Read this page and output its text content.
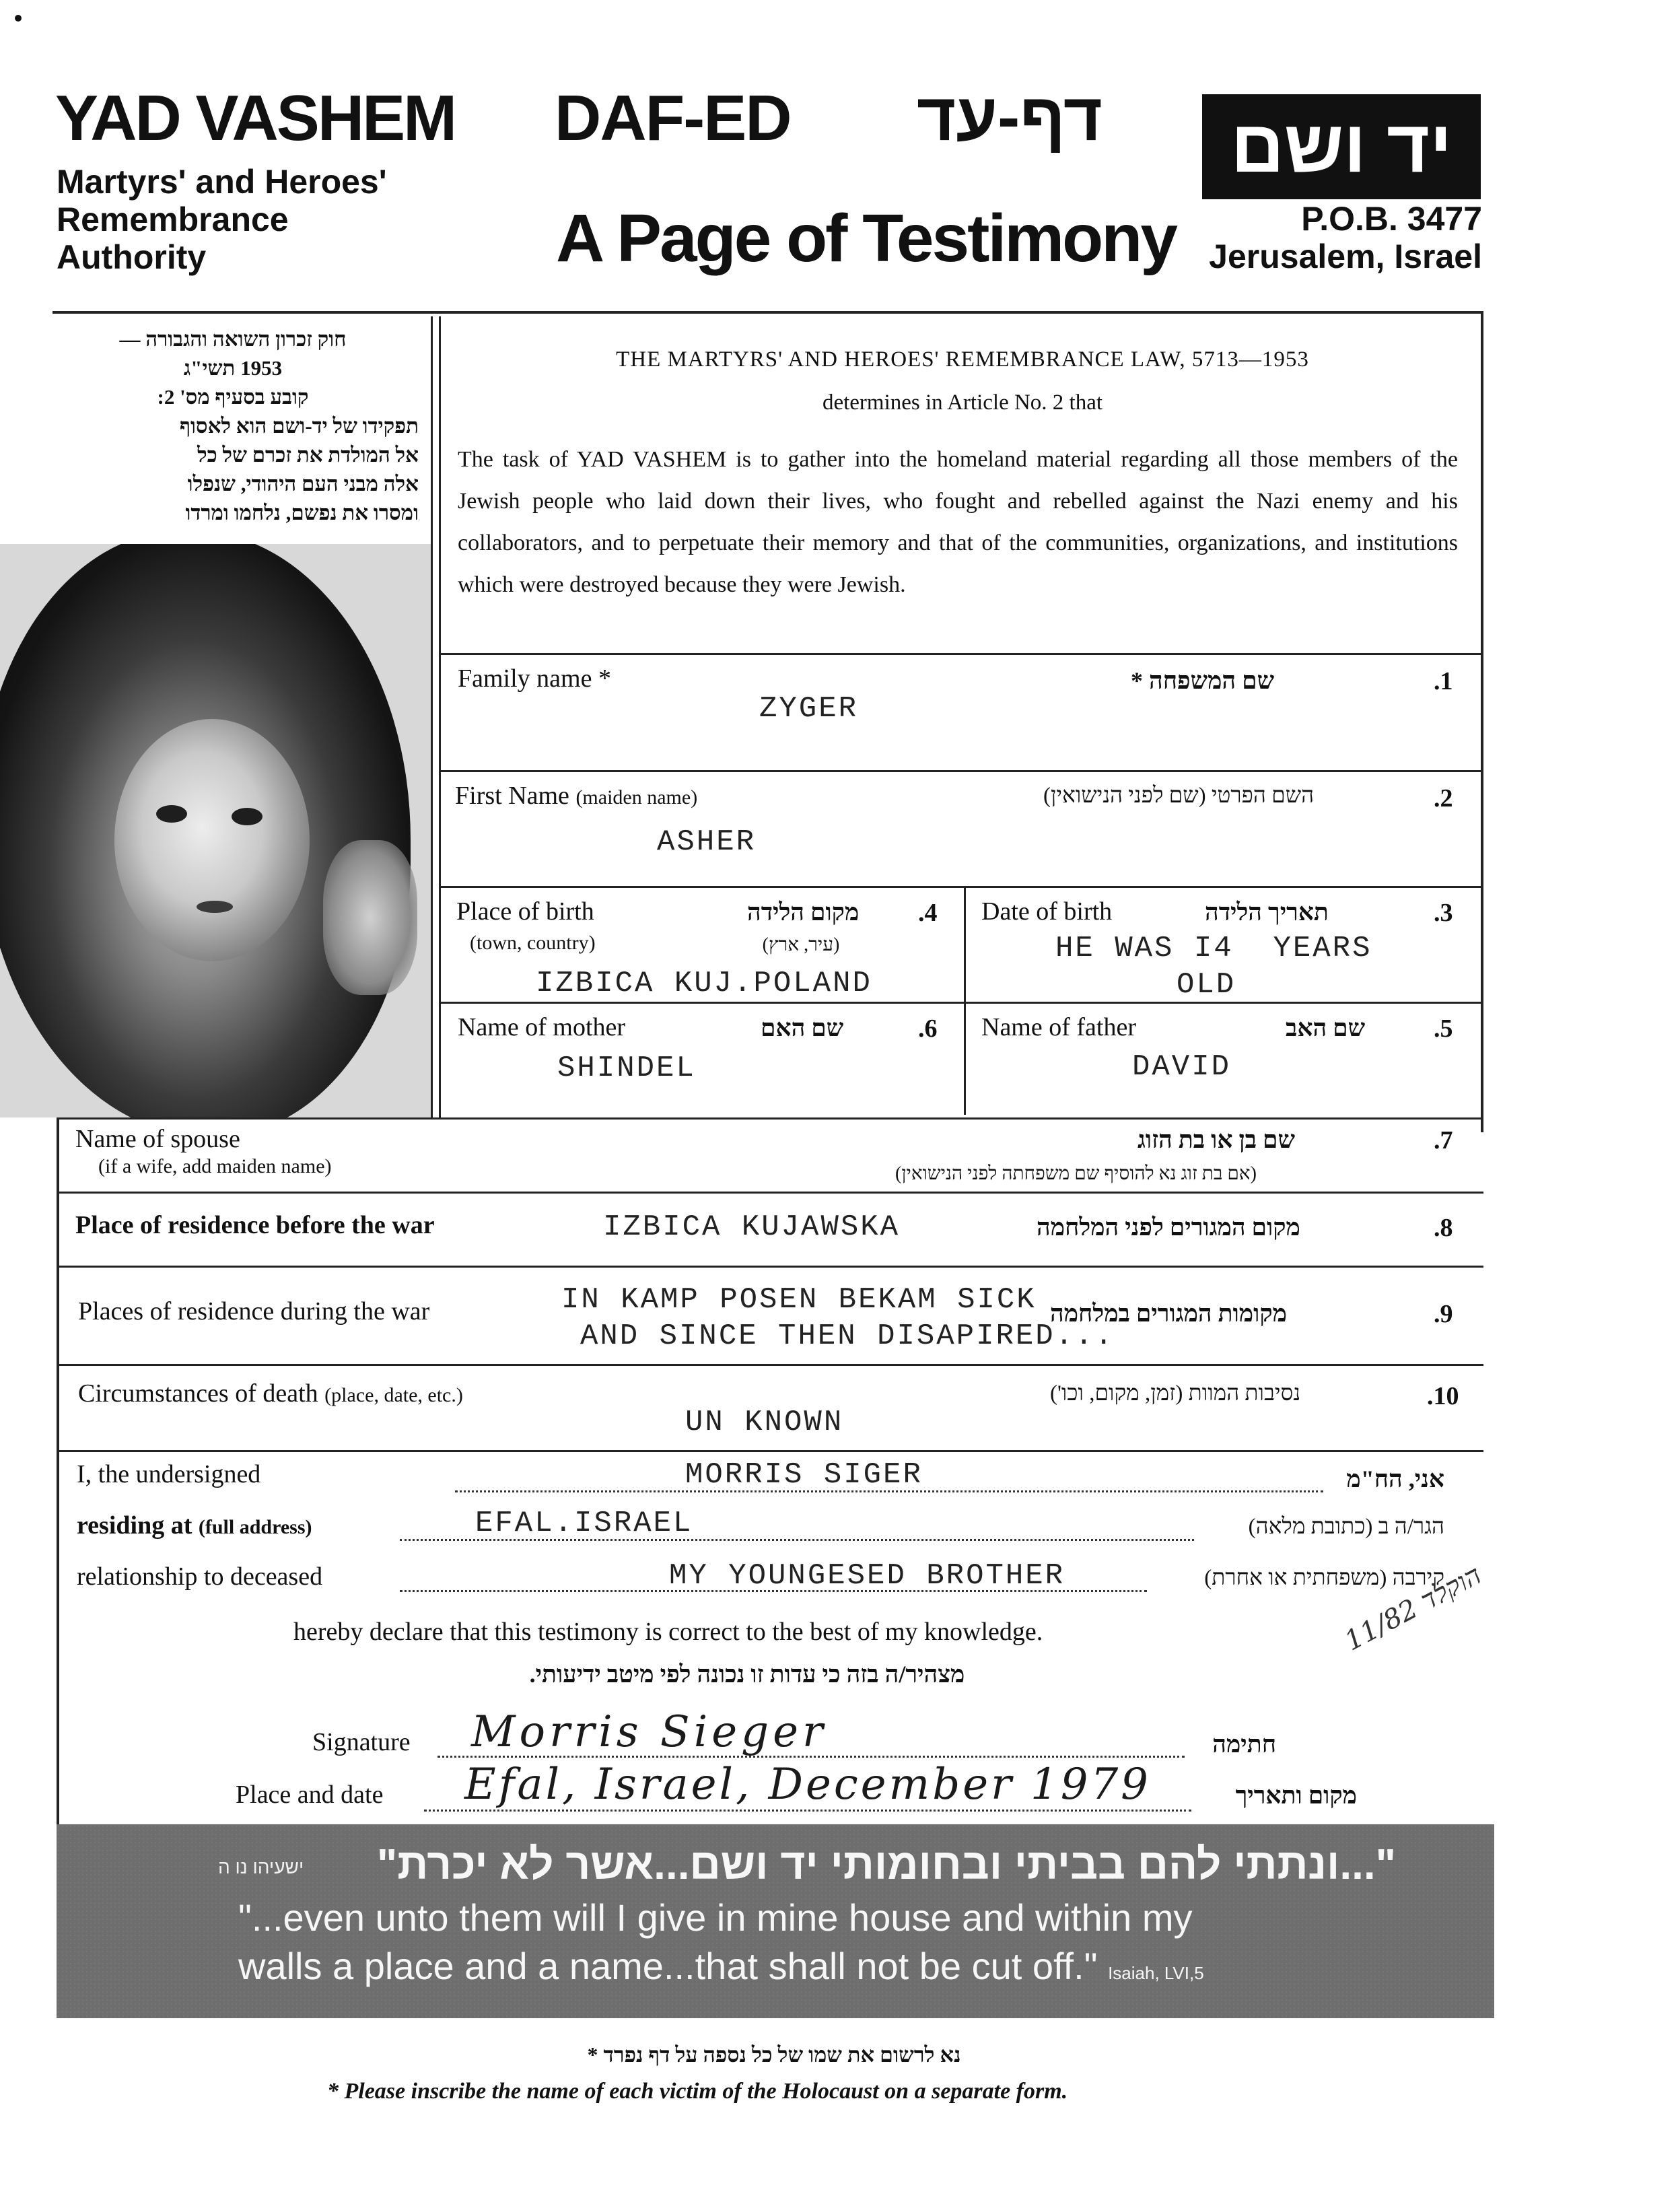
YAD VASHEM
Martyrs' and Heroes'
Remembrance
Authority
DAF-ED	דף-עד
A Page of Testimony
יד ושם
P.O.B. 3477
Jerusalem, Israel
חוק זכרון השואה והגבורה —
1953 תשי"ג
קובע בסעיף מס' 2:
תפקידו של יד-ושם הוא לאסוף
אל המולדת את זכרם של כל
אלה מבני העם היהודי, שנפלו
ומסרו את נפשם, נלחמו ומרדו
THE MARTYRS' AND HEROES' REMEMBRANCE LAW, 5713—1953
determines in Article No. 2 that
The task of YAD VASHEM is to gather into the homeland material regarding all those members of the Jewish people who laid down their lives, who fought and rebelled against the Nazi enemy and his collaborators, and to perpetuate their memory and that of the communities, organizations, and institutions which were destroyed because they were Jewish.
Family name *
ZYGER
שם המשפחה *	.1
First Name (maiden name)
ASHER
השם הפרטי (שם לפני הנישואין)	.2
Place of birth
(town, country)
מקום הלידה
(עיר, ארץ)
.4
IZBICA KUJ.POLAND
Date of birth	תאריך הלידה	.3
HE WAS I4  YEARS
OLD
Name of mother	שם האם	.6
SHINDEL
Name of father	שם האב	.5
DAVID
Name of spouse
(if a wife, add maiden name)
שם בן או בת הזוג	.7
(אם בת זוג נא להוסיף שם משפחתה לפני הנישואין)
Place of residence before the war	IZBICA KUJAWSKA	מקום המגורים לפני המלחמה	.8
Places of residence during the war	IN KAMP POSEN BEKAM SICK
AND SINCE THEN DISAPIRED...
מקומות המגורים במלחמה	.9
Circumstances of death (place, date, etc.)
UN KNOWN
נסיבות המוות (זמן, מקום, וכו')	.10
I, the undersigned	MORRIS SIGER	אני, הח"מ
residing at (full address)	EFAL.ISRAEL	הגר/ה ב (כתובת מלאה)
relationship to deceased	MY YOUNGESED BROTHER	קירבה (משפחתית או אחרת)
hereby declare that this testimony is correct to the best of my knowledge.
מצהיר/ה בזה כי עדות זו נכונה לפי מיטב ידיעותי.
הוקלד 11/82
Signature Morris Sieger	חתימה
Place and date Efal, Israel, December 1979	מקום ותאריך
ישעיהו נו ה "...ונתתי להם בביתי ובחומותי יד ושם...אשר לא יכרת"
"...even unto them will I give in mine house and within my
walls a place and a name...that shall not be cut off." Isaiah, LVI,5
נא לרשום את שמו של כל נספה על דף נפרד *
* Please inscribe the name of each victim of the Holocaust on a separate form.
